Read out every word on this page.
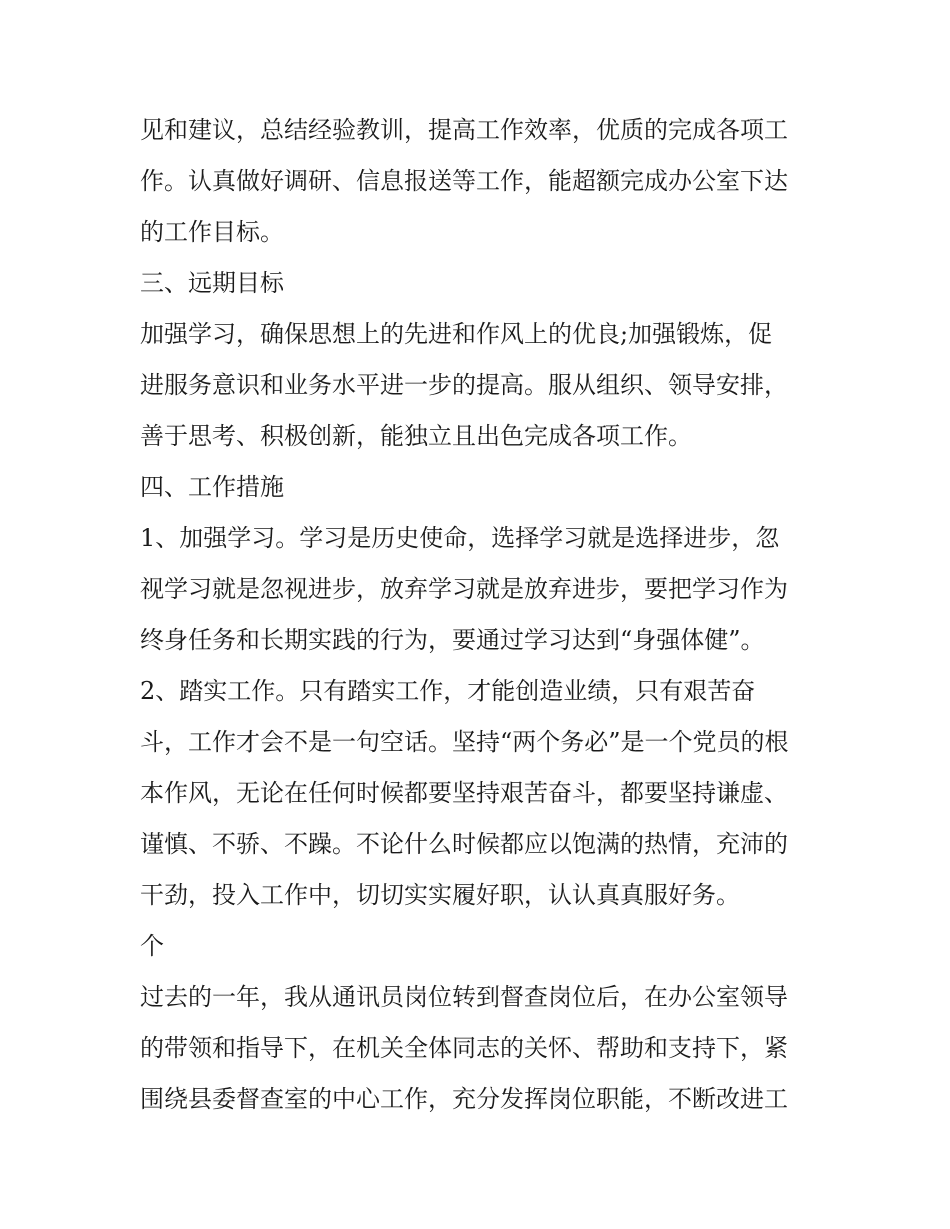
见和建议，总结经验教训，提高工作效率，优质的完成各项工
作。认真做好调研、信息报送等工作，能超额完成办公室下达
的工作目标。
三、远期目标
加强学习，确保思想上的先进和作风上的优良;加强锻炼，促
进服务意识和业务水平进一步的提高。服从组织、领导安排，
善于思考、积极创新，能独立且出色完成各项工作。
四、工作措施
1、加强学习。学习是历史使命，选择学习就是选择进步，忽
视学习就是忽视进步，放弃学习就是放弃进步，要把学习作为
终身任务和长期实践的行为，要通过学习达到“身强体健”。
2、踏实工作。只有踏实工作，才能创造业绩，只有艰苦奋
斗，工作才会不是一句空话。坚持“两个务必”是一个党员的根
本作风，无论在任何时候都要坚持艰苦奋斗，都要坚持谦虚、
谨慎、不骄、不躁。不论什么时候都应以饱满的热情，充沛的
干劲，投入工作中，切切实实履好职，认认真真服好务。
个
过去的一年，我从通讯员岗位转到督查岗位后，在办公室领导
的带领和指导下，在机关全体同志的关怀、帮助和支持下，紧
围绕县委督查室的中心工作，充分发挥岗位职能，不断改进工
